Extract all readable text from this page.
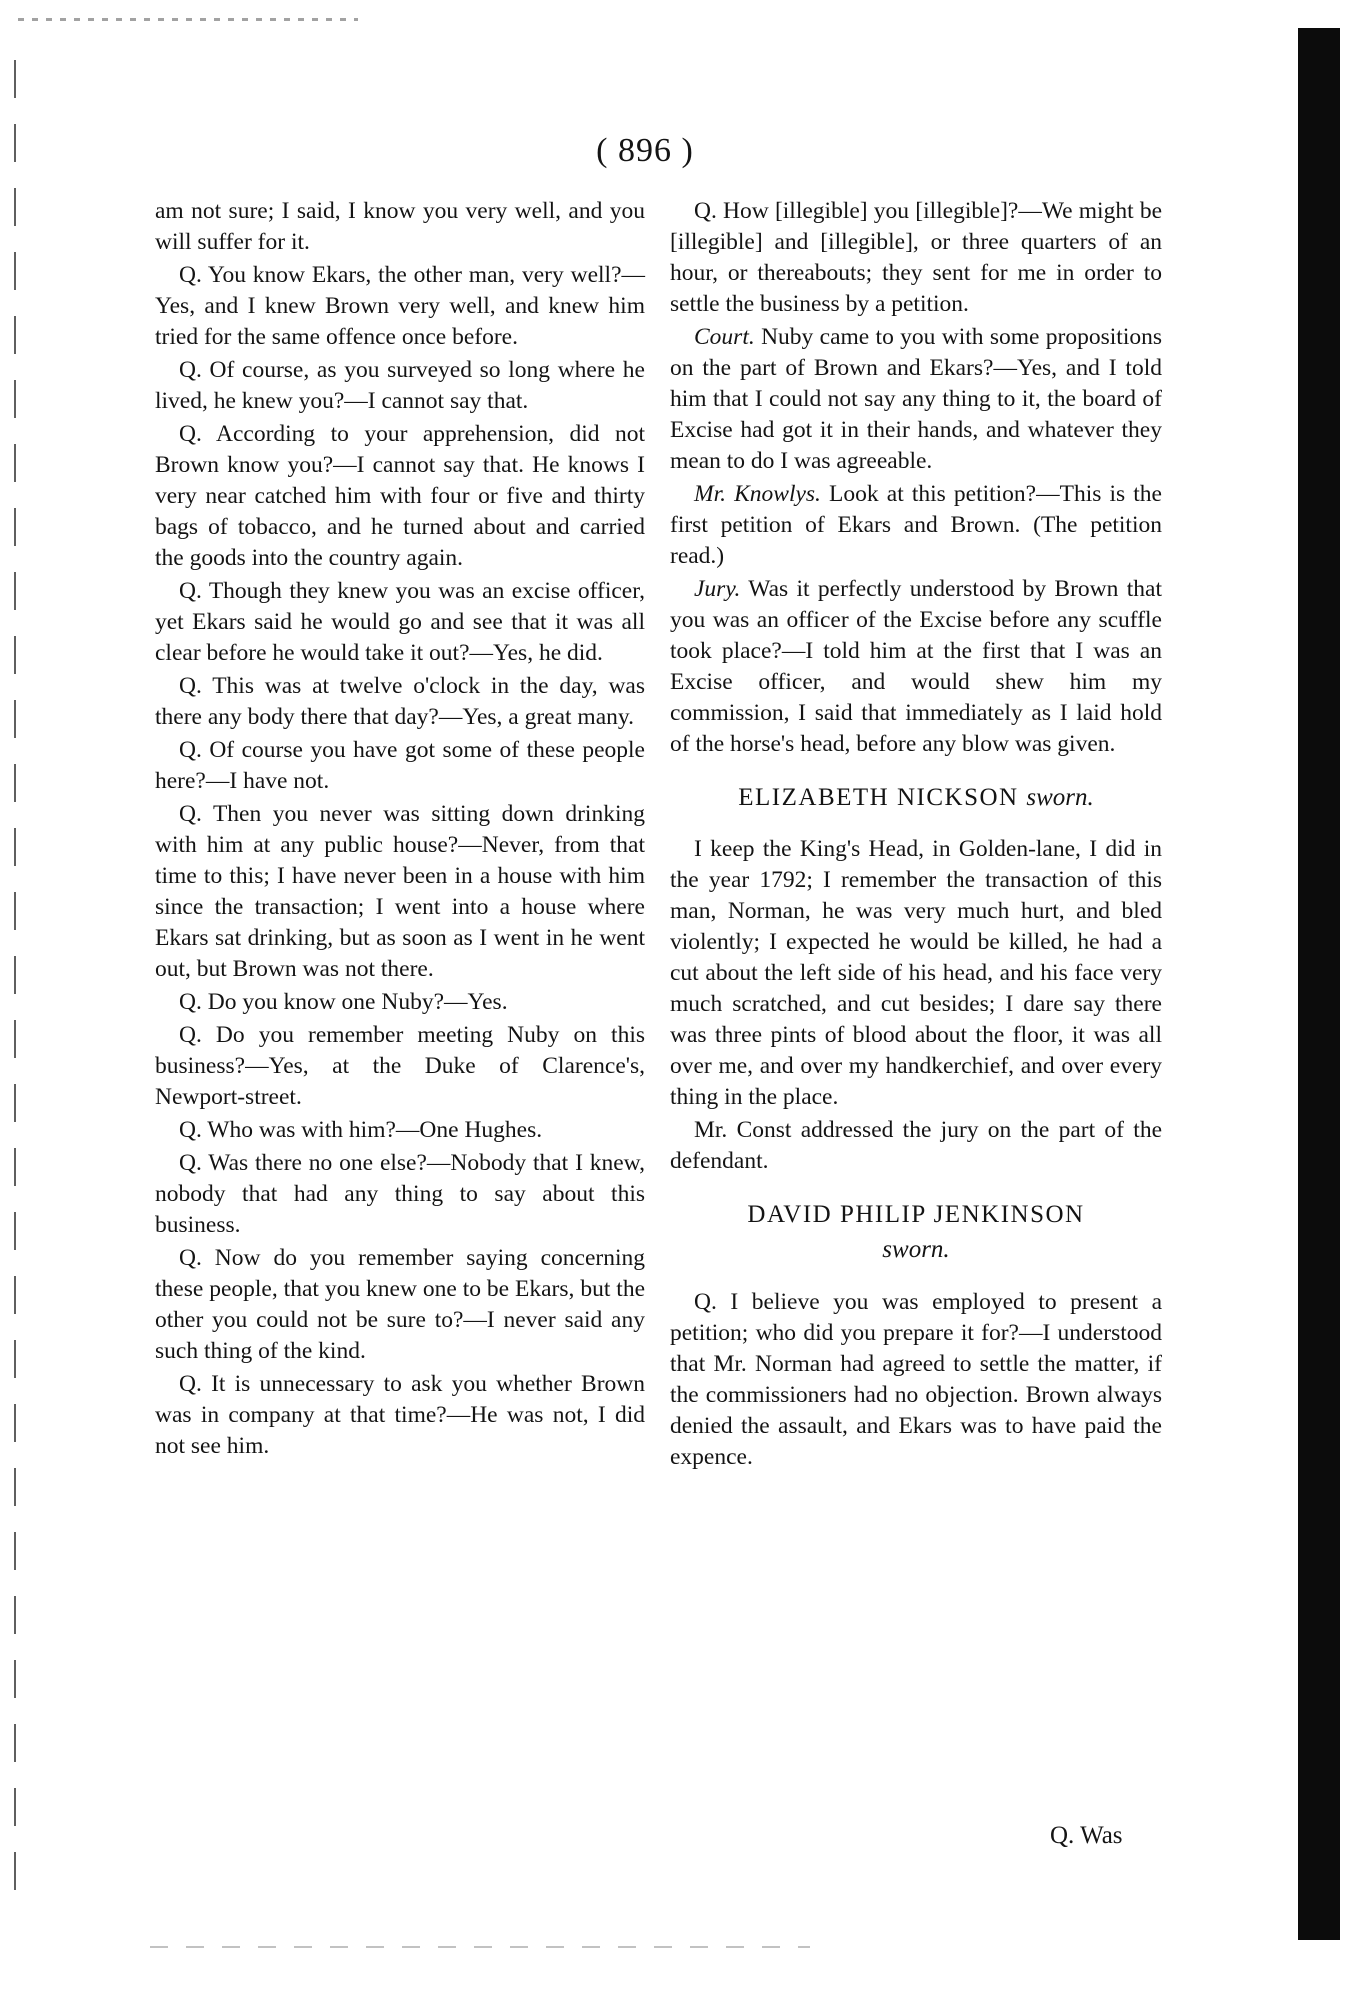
( 896 )

am not sure; I said, I know you very well, and you will suffer for it.

Q. You know Ekars, the other man, very well?—Yes, and I knew Brown very well, and knew him tried for the same offence once before.

Q. Of course, as you surveyed so long where he lived, he knew you?—I cannot say that.

Q. According to your apprehension, did not Brown know you?—I cannot say that. He knows I very near catched him with four or five and thirty bags of tobacco, and he turned about and carried the goods into the country again.

Q. Though they knew you was an excise officer, yet Ekars said he would go and see that it was all clear before he would take it out?—Yes, he did.

Q. This was at twelve o'clock in the day, was there any body there that day?—Yes, a great many.

Q. Of course you have got some of these people here?—I have not.

Q. Then you never was sitting down drinking with him at any public house?—Never, from that time to this; I have never been in a house with him since the transaction; I went into a house where Ekars sat drinking, but as soon as I went in he went out, but Brown was not there.

Q. Do you know one Nuby?—Yes.

Q. Do you remember meeting Nuby on this business?—Yes, at the Duke of Clarence's, Newport-street.

Q. Who was with him?—One Hughes.

Q. Was there no one else?—Nobody that I knew, nobody that had any thing to say about this business.

Q. Now do you remember saying concerning these people, that you knew one to be Ekars, but the other you could not be sure to?—I never said any such thing of the kind.

Q. It is unnecessary to ask you whether Brown was in company at that time?—He was not, I did not see him.

Q. How [illegible] you [illegible]?—We might be [illegible] and [illegible], or three quarters of an hour, or thereabouts; they sent for me in order to settle the business by a petition.

Court. Nuby came to you with some propositions on the part of Brown and Ekars?—Yes, and I told him that I could not say any thing to it, the board of Excise had got it in their hands, and whatever they mean to do I was agreeable.

Mr. Knowlys. Look at this petition?—This is the first petition of Ekars and Brown. (The petition read.)

Jury. Was it perfectly understood by Brown that you was an officer of the Excise before any scuffle took place?—I told him at the first that I was an Excise officer, and would shew him my commission, I said that immediately as I laid hold of the horse's head, before any blow was given.

ELIZABETH NICKSON sworn.

I keep the King's Head, in Golden-lane, I did in the year 1792; I remember the transaction of this man, Norman, he was very much hurt, and bled violently; I expected he would be killed, he had a cut about the left side of his head, and his face very much scratched, and cut besides; I dare say there was three pints of blood about the floor, it was all over me, and over my handkerchief, and over every thing in the place.

Mr. Const addressed the jury on the part of the defendant.

DAVID PHILIP JENKINSON
sworn.

Q. I believe you was employed to present a petition; who did you prepare it for?—I understood that Mr. Norman had agreed to settle the matter, if the commissioners had no objection. Brown always denied the assault, and Ekars was to have paid the expence.

Q. Was
